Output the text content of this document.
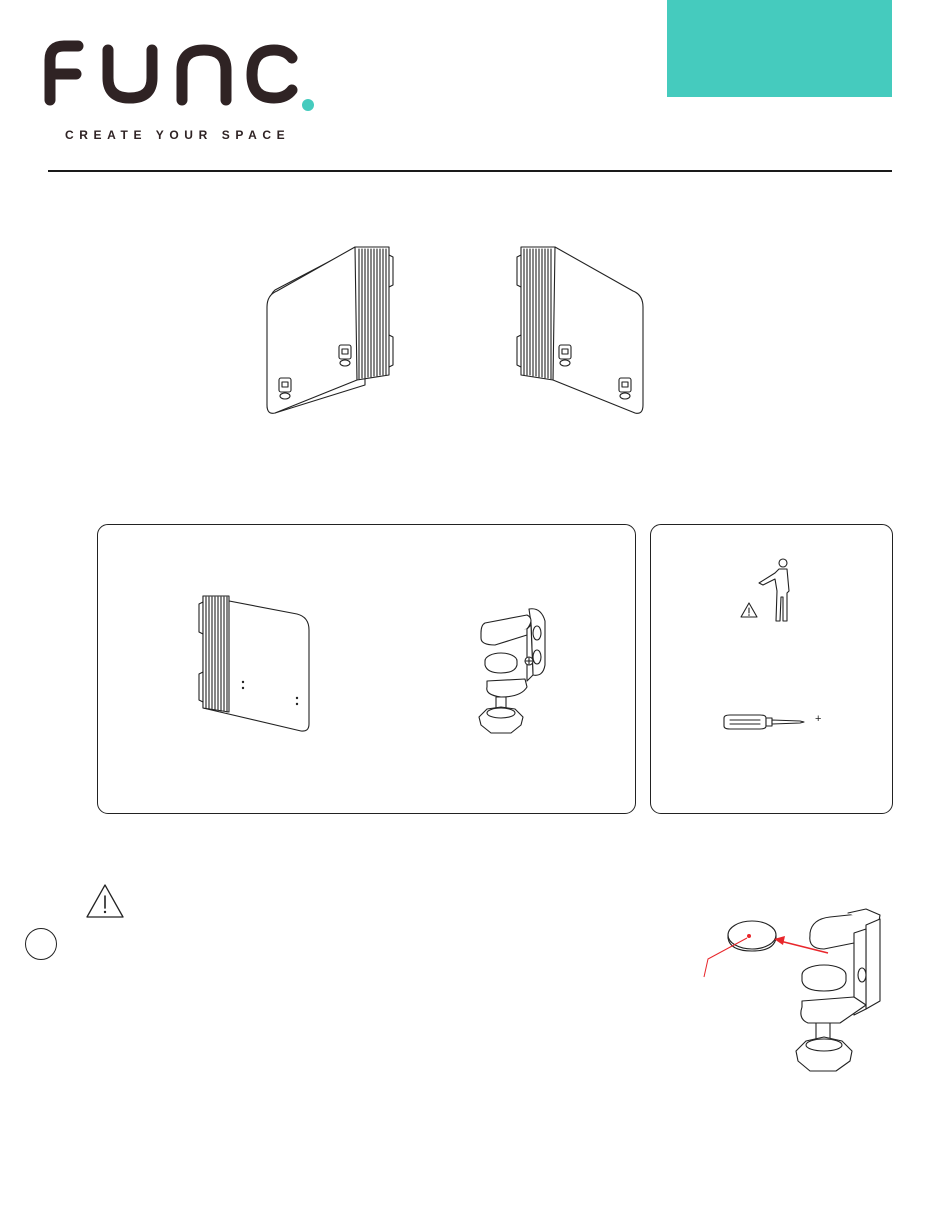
CREATE YOUR SPACE
+
